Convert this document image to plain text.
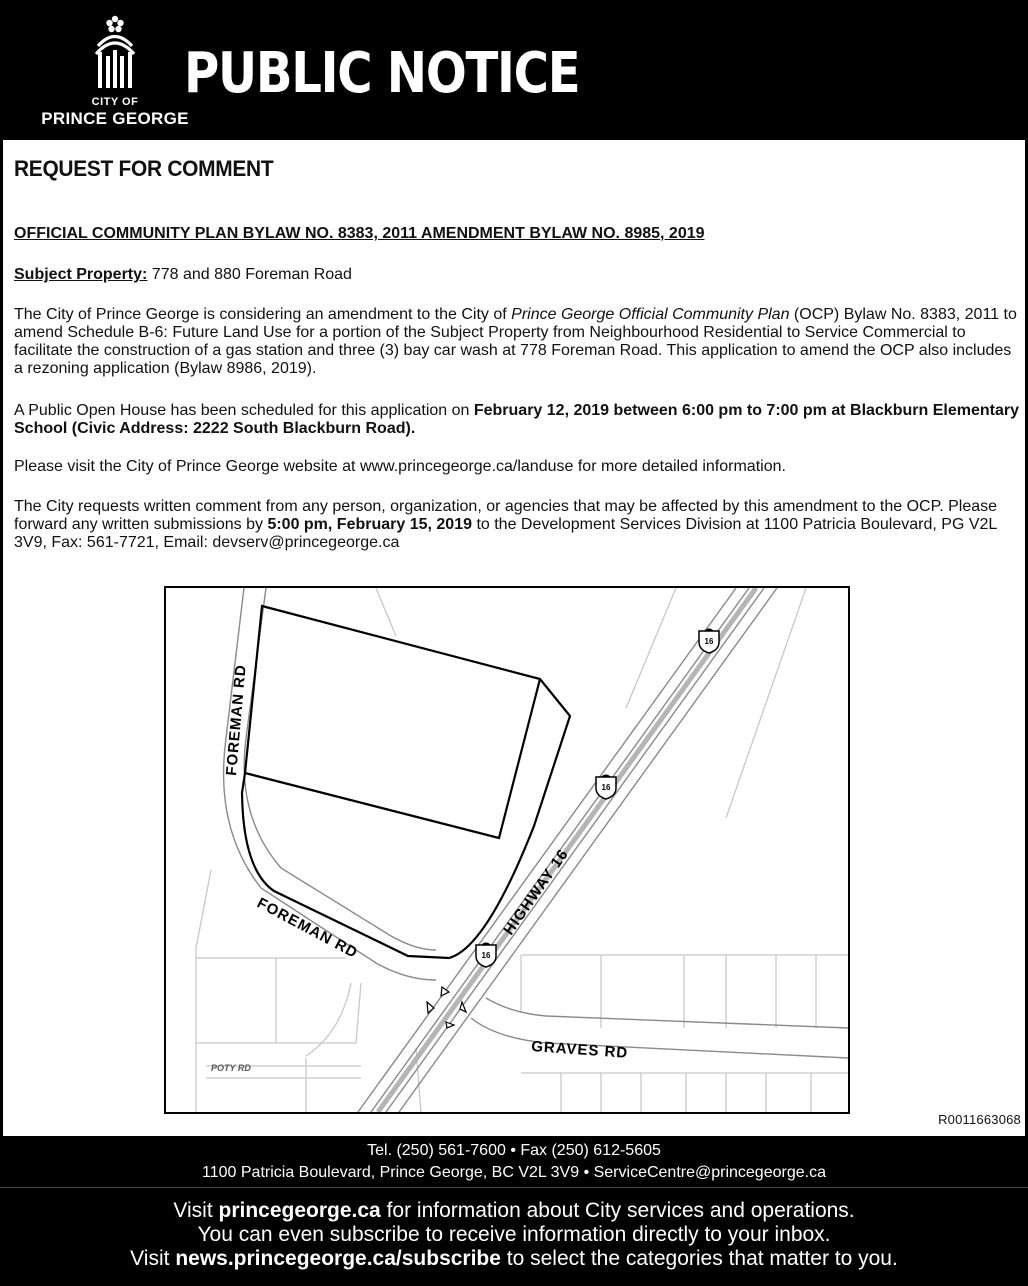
CITY OF
PRINCE GEORGE
PUBLIC NOTICE
REQUEST FOR COMMENT
OFFICIAL COMMUNITY PLAN BYLAW NO. 8383, 2011 AMENDMENT BYLAW NO. 8985, 2019
Subject Property: 778 and 880 Foreman Road
The City of Prince George is considering an amendment to the City of Prince George Official Community Plan (OCP) Bylaw No. 8383, 2011 to amend Schedule B-6: Future Land Use for a portion of the Subject Property from Neighbourhood Residential to Service Commercial to facilitate the construction of a gas station and three (3) bay car wash at 778 Foreman Road. This application to amend the OCP also includes a rezoning application (Bylaw 8986, 2019).
A Public Open House has been scheduled for this application on February 12, 2019 between 6:00 pm to 7:00 pm at Blackburn Elementary School (Civic Address: 2222 South Blackburn Road).
Please visit the City of Prince George website at www.princegeorge.ca/landuse for more detailed information.
The City requests written comment from any person, organization, or agencies that may be affected by this amendment to the OCP. Please forward any written submissions by 5:00 pm, February 15, 2019 to the Development Services Division at 1100 Patricia Boulevard, PG V2L 3V9, Fax: 561-7721, Email: devserv@princegeorge.ca
16
16
16
FOREMAN RD
FOREMAN RD	HIGHWAY 16
GRAVES RD
POTY RD
R0011663068
Tel. (250) 561-7600 • Fax (250) 612-5605
1100 Patricia Boulevard, Prince George, BC V2L 3V9 • ServiceCentre@princegeorge.ca
Visit princegeorge.ca for information about City services and operations.
You can even subscribe to receive information directly to your inbox.
Visit news.princegeorge.ca/subscribe to select the categories that matter to you.
